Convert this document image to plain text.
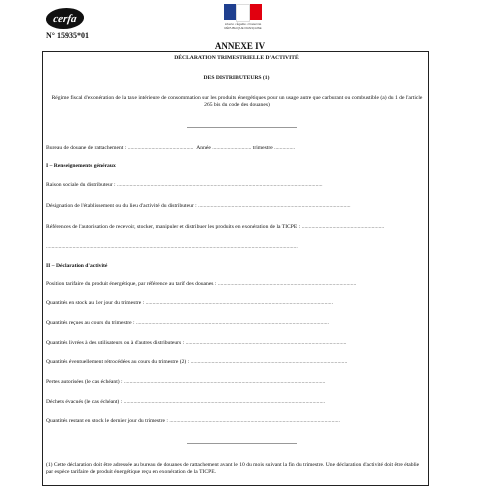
cerfa
N° 15935*01
Liberté • Égalité • Fraternité RÉPUBLIQUE FRANÇAISE
ANNEXE IV
DÉCLARATION TRIMESTRIELLE D'ACTIVITÉ
DES DISTRIBUTEURS (1)
Régime fiscal d'exonération de la taxe intérieure de consommation sur les produits énergétiques pour un usage autre que carburant ou combustible (a) du 1 de l'article 265 bis du code des douanes)
Bureau de douane de rattachement : ............................................... Année ............................ trimestre ...............
I – Renseignements généraux
Raison sociale du distributeur : ...................................................................................................................................................
Désignation de l'établissement ou du lieu d'activité du distributeur : .............................................................................................................
Références de l'autorisation de recevoir, stocker, manipuler et distribuer les produits en exonération de la TICPE : ...........................................................
....................................................................................................................................................................................
II – Déclaration d'activité
Position tarifaire du produit énergétique, par référence au tarif des douanes : ...................................................................................................
Quantités en stock au 1er jour du trimestre : ......................................................................................................................................
Quantités reçues au cours du trimestre : ..........................................................................................................................................
Quantités livrées à des utilisateurs ou à d'autres distributeurs : ...................................................................................................................
Quantités éventuellement rétrocédées au cours du trimestre (2) : ................................................................................................................
Pertes autorisées (le cas échéant) : ................................................................................................................................................
Déchets évacués (le cas échéant) : ................................................................................................................................................
Quantités restant en stock le dernier jour du trimestre : ..........................................................................................................................
(1) Cette déclaration doit être adressée au bureau de douanes de rattachement avant le 10 du mois suivant la fin du trimestre. Une déclaration d'activité doit être établie par espèce tarifaire de produit énergétique reçu en exonération de la TICPE.
